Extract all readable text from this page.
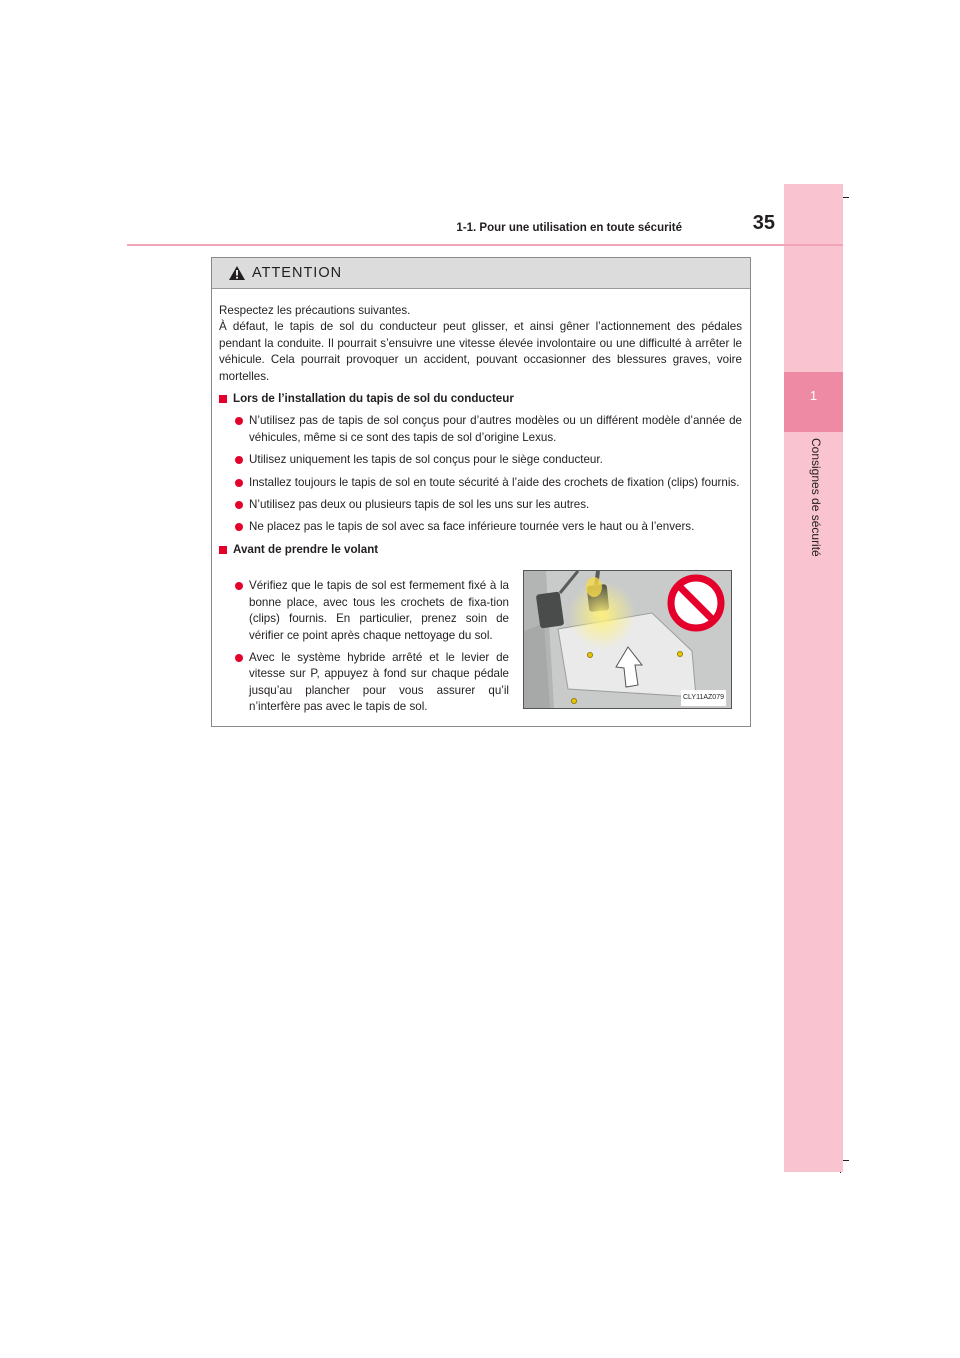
1
Consignes de sécurité
1-1. Pour une utilisation en toute sécurité	35
ATTENTION

Respectez les précautions suivantes.

À défaut, le tapis de sol du conducteur peut glisser, et ainsi gêner l’actionnement des pédales pendant la conduite. Il pourrait s’ensuivre une vitesse élevée involontaire ou une difficulté à arrêter le véhicule. Cela pourrait provoquer un accident, pouvant occasionner des blessures graves, voire mortelles.

Lors de l’installation du tapis de sol du conducteur
N’utilisez pas de tapis de sol conçus pour d’autres modèles ou un différent modèle d’année de véhicules, même si ce sont des tapis de sol d’origine Lexus.
Utilisez uniquement les tapis de sol conçus pour le siège conducteur.
Installez toujours le tapis de sol en toute sécurité à l’aide des crochets de fixation (clips) fournis.
N’utilisez pas deux ou plusieurs tapis de sol les uns sur les autres.
Ne placez pas le tapis de sol avec sa face inférieure tournée vers le haut ou à l’envers.
Avant de prendre le volant
Vérifiez que le tapis de sol est fermement fixé à la bonne place, avec tous les crochets de fixa-tion (clips) fournis. En particulier, prenez soin de vérifier ce point après chaque nettoyage du sol.
Avec le système hybride arrêté et le levier de vitesse sur P, appuyez à fond sur chaque pédale jusqu’au plancher pour vous assurer qu’il n’interfère pas avec le tapis de sol.
CLY11AZ079
